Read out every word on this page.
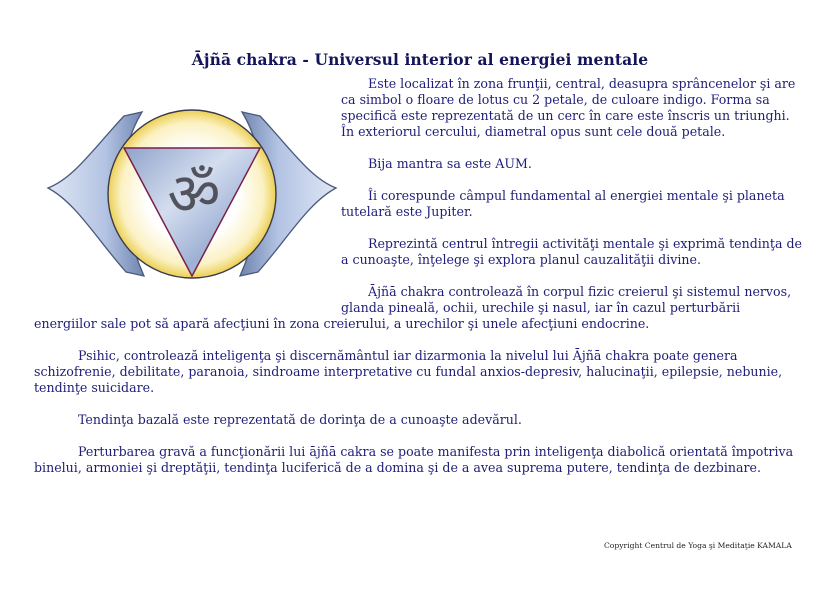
Ājñā chakra - Universul interior al energiei mentale
ॐ

Este localizat în zona frunţii, central, deasupra sprâncenelor şi are ca simbol o floare de lotus cu 2 petale, de culoare indigo. Forma sa specifică este reprezentată de un cerc în care este înscris un triunghi. În exteriorul cercului, diametral opus sunt cele două petale.

Bija mantra sa este AUM.

Îi corespunde câmpul fundamental al energiei mentale şi planeta tutelară este Jupiter.

Reprezintă centrul întregii activităţi mentale şi exprimă tendinţa de a cunoaşte, înţelege şi explora planul cauzalităţii divine.

Ājñā chakra controlează în corpul fizic creierul şi sistemul nervos, glanda pineală, ochii, urechile şi nasul, iar în cazul perturbării energiilor sale pot să apară afecţiuni în zona creierului, a urechilor şi unele afecţiuni endocrine.

Psihic, controlează inteligenţa şi discernământul iar dizarmonia la nivelul lui Ājñā chakra poate genera schizofrenie, debilitate, paranoia, sindroame interpretative cu fundal anxios-depresiv, halucinaţii, epilepsie, nebunie, tendinţe suicidare.

Tendinţa bazală este reprezentată de dorinţa de a cunoaşte adevărul.

Perturbarea gravă a funcţionării lui ājñā cakra se poate manifesta prin inteligenţa diabolică orientată împotriva binelui, armoniei şi dreptăţii, tendinţa luciferică de a domina şi de a avea suprema putere, tendinţa de dezbinare.

Copyright Centrul de Yoga şi Meditaţie KAMALA
